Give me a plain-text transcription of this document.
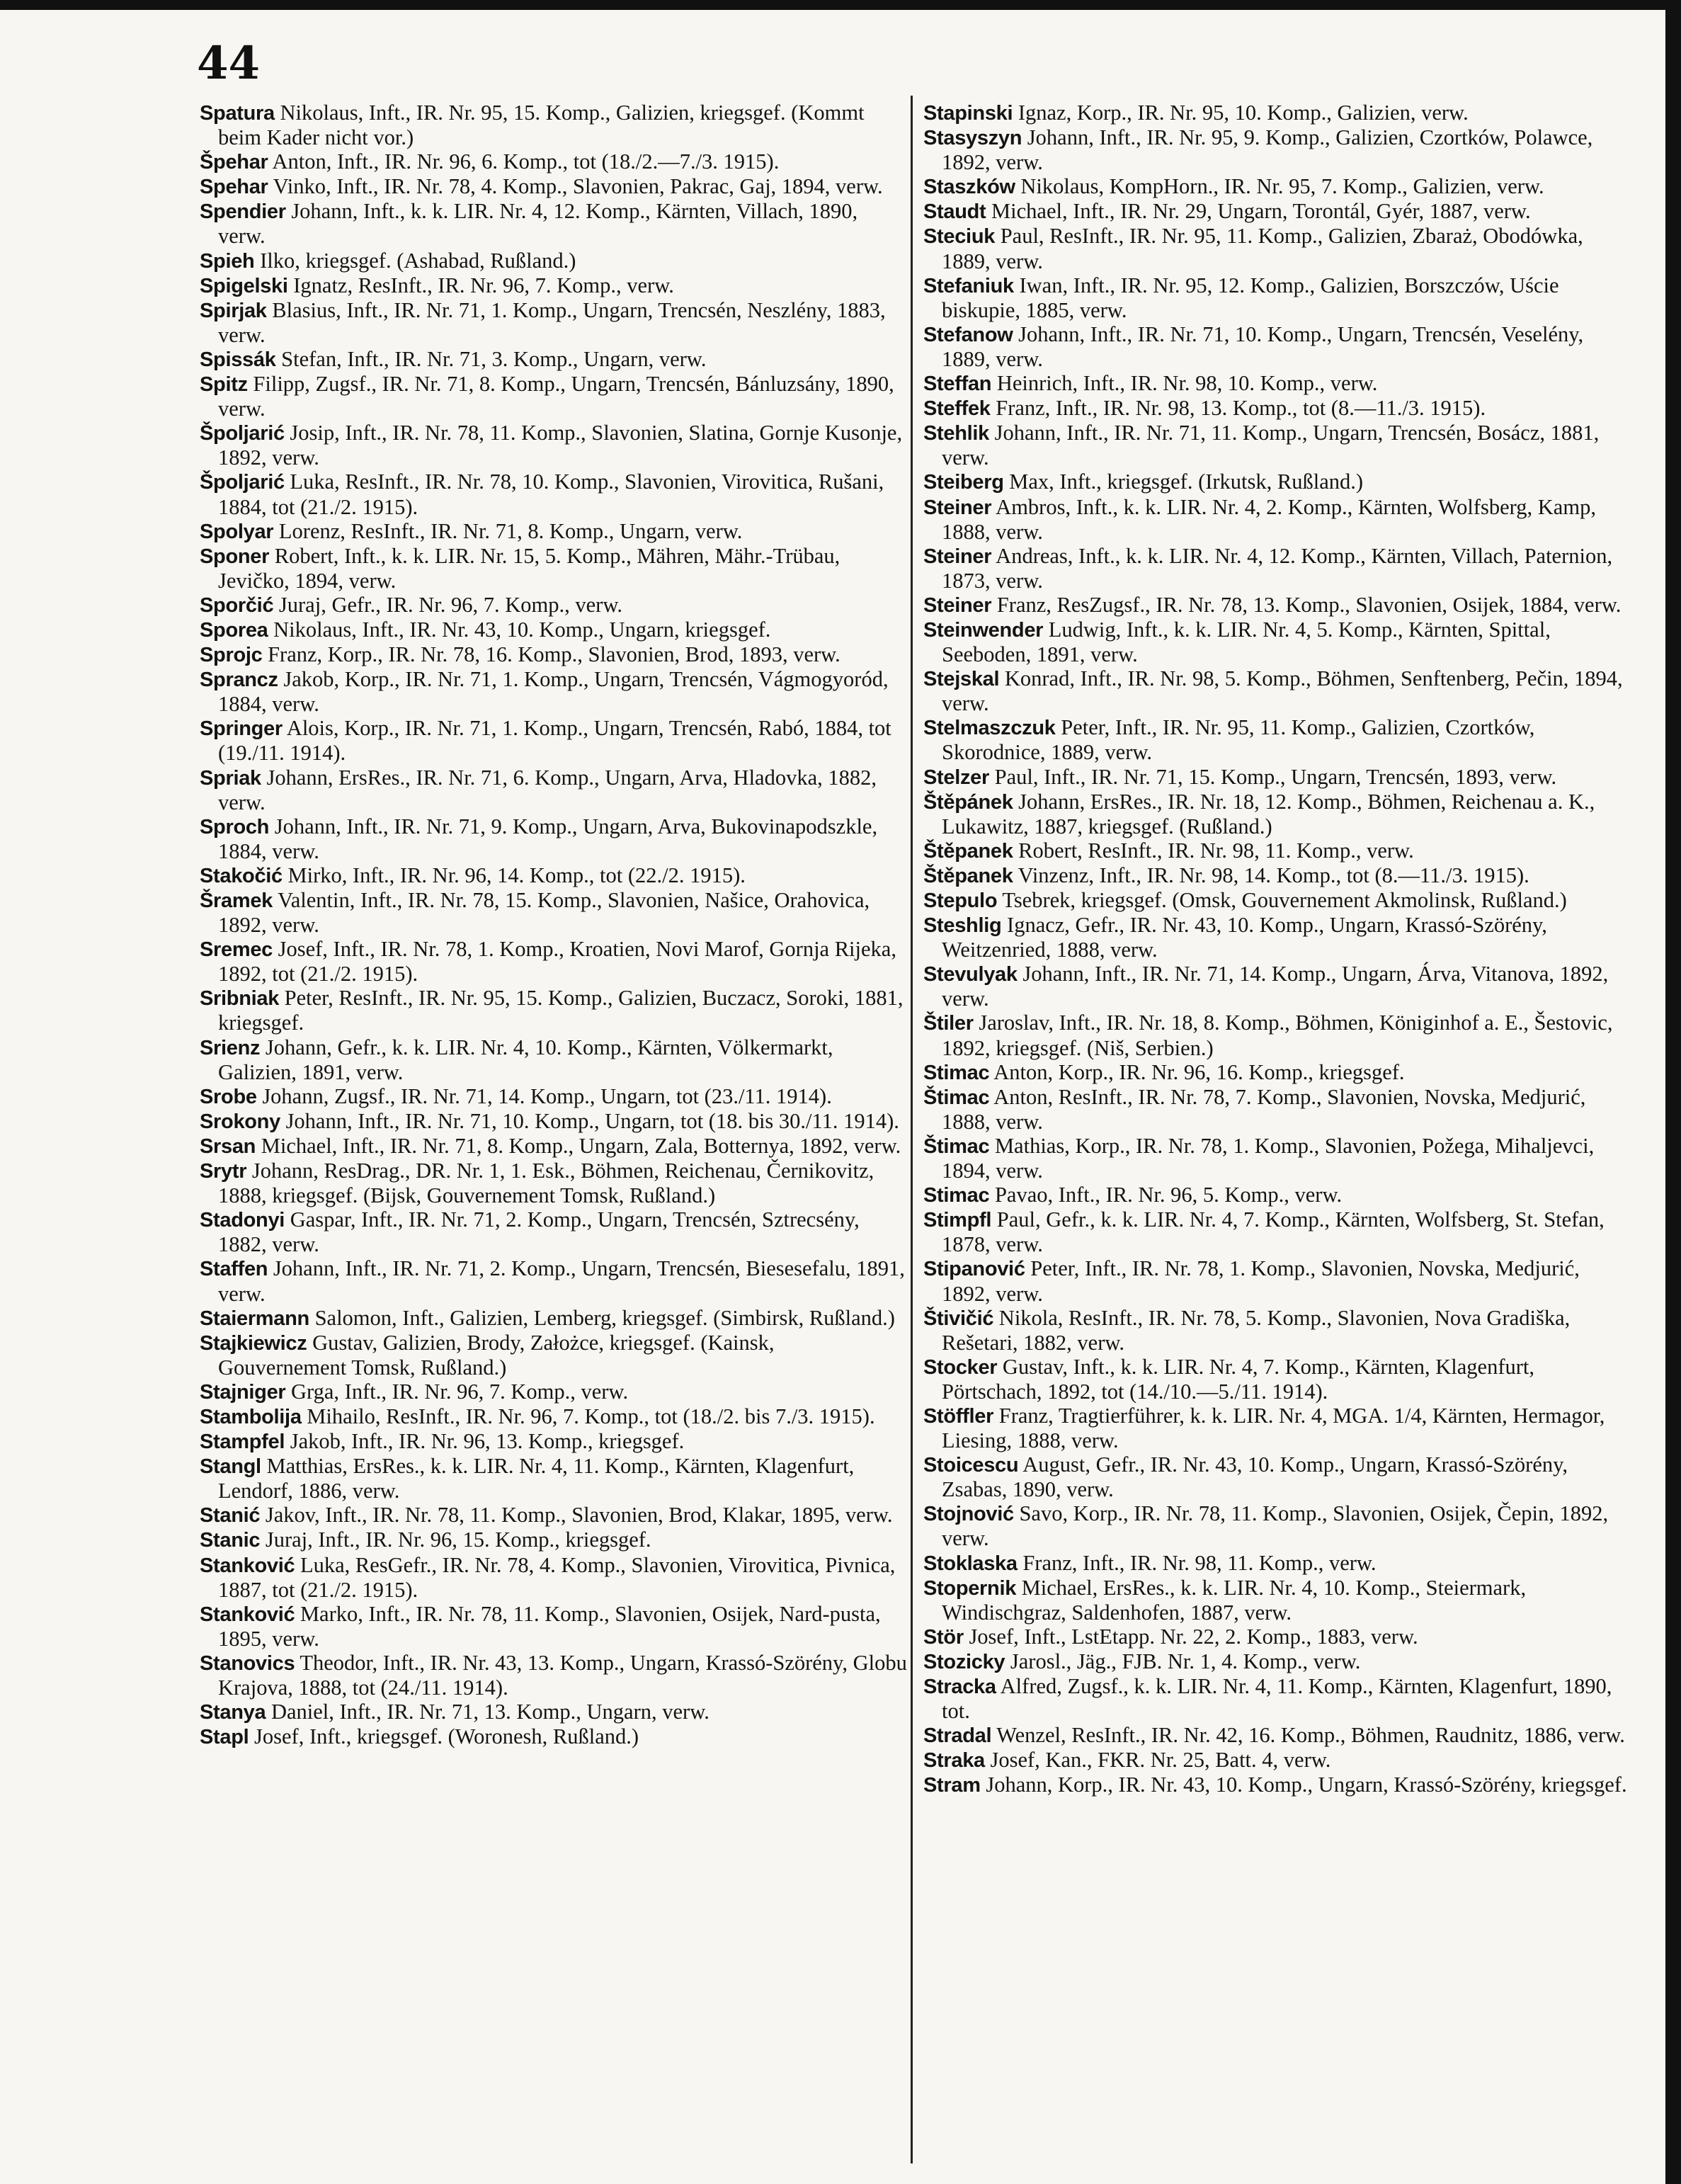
44

Spatura Nikolaus, Inft., IR. Nr. 95, 15. Komp., Galizien, kriegsgef. (Kommt beim Kader nicht vor.)

Špehar Anton, Inft., IR. Nr. 96, 6. Komp., tot (18./2.—7./3. 1915).

Spehar Vinko, Inft., IR. Nr. 78, 4. Komp., Slavonien, Pakrac, Gaj, 1894, verw.

Spendier Johann, Inft., k. k. LIR. Nr. 4, 12. Komp., Kärnten, Villach, 1890, verw.

Spieh Ilko, kriegsgef. (Ashabad, Rußland.)

Spigelski Ignatz, ResInft., IR. Nr. 96, 7. Komp., verw.

Spirjak Blasius, Inft., IR. Nr. 71, 1. Komp., Ungarn, Trencsén, Neszlény, 1883, verw.

Spissák Stefan, Inft., IR. Nr. 71, 3. Komp., Ungarn, verw.

Spitz Filipp, Zugsf., IR. Nr. 71, 8. Komp., Ungarn, Trencsén, Bánluzsány, 1890, verw.

Špoljarić Josip, Inft., IR. Nr. 78, 11. Komp., Slavonien, Slatina, Gornje Kusonje, 1892, verw.

Špoljarić Luka, ResInft., IR. Nr. 78, 10. Komp., Slavonien, Virovitica, Rušani, 1884, tot (21./2. 1915).

Spolyar Lorenz, ResInft., IR. Nr. 71, 8. Komp., Ungarn, verw.

Sponer Robert, Inft., k. k. LIR. Nr. 15, 5. Komp., Mähren, Mähr.-Trübau, Jevičko, 1894, verw.

Sporčić Juraj, Gefr., IR. Nr. 96, 7. Komp., verw.

Sporea Nikolaus, Inft., IR. Nr. 43, 10. Komp., Ungarn, kriegsgef.

Sprojc Franz, Korp., IR. Nr. 78, 16. Komp., Slavonien, Brod, 1893, verw.

Sprancz Jakob, Korp., IR. Nr. 71, 1. Komp., Ungarn, Trencsén, Vágmogyoród, 1884, verw.

Springer Alois, Korp., IR. Nr. 71, 1. Komp., Ungarn, Trencsén, Rabó, 1884, tot (19./11. 1914).

Spriak Johann, ErsRes., IR. Nr. 71, 6. Komp., Ungarn, Arva, Hladovka, 1882, verw.

Sproch Johann, Inft., IR. Nr. 71, 9. Komp., Ungarn, Arva, Bukovinapodszkle, 1884, verw.

Stakočić Mirko, Inft., IR. Nr. 96, 14. Komp., tot (22./2. 1915).

Šramek Valentin, Inft., IR. Nr. 78, 15. Komp., Slavonien, Našice, Orahovica, 1892, verw.

Sremec Josef, Inft., IR. Nr. 78, 1. Komp., Kroatien, Novi Marof, Gornja Rijeka, 1892, tot (21./2. 1915).

Sribniak Peter, ResInft., IR. Nr. 95, 15. Komp., Galizien, Buczacz, Soroki, 1881, kriegsgef.

Srienz Johann, Gefr., k. k. LIR. Nr. 4, 10. Komp., Kärnten, Völkermarkt, Galizien, 1891, verw.

Srobe Johann, Zugsf., IR. Nr. 71, 14. Komp., Ungarn, tot (23./11. 1914).

Srokony Johann, Inft., IR. Nr. 71, 10. Komp., Ungarn, tot (18. bis 30./11. 1914).

Srsan Michael, Inft., IR. Nr. 71, 8. Komp., Ungarn, Zala, Botternya, 1892, verw.

Srytr Johann, ResDrag., DR. Nr. 1, 1. Esk., Böhmen, Reichenau, Černikovitz, 1888, kriegsgef. (Bijsk, Gouvernement Tomsk, Rußland.)

Stadonyi Gaspar, Inft., IR. Nr. 71, 2. Komp., Ungarn, Trencsén, Sztrecsény, 1882, verw.

Staffen Johann, Inft., IR. Nr. 71, 2. Komp., Ungarn, Trencsén, Biesesefalu, 1891, verw.

Staiermann Salomon, Inft., Galizien, Lemberg, kriegsgef. (Simbirsk, Rußland.)

Stajkiewicz Gustav, Galizien, Brody, Założce, kriegsgef. (Kainsk, Gouvernement Tomsk, Rußland.)

Stajniger Grga, Inft., IR. Nr. 96, 7. Komp., verw.

Stambolija Mihailo, ResInft., IR. Nr. 96, 7. Komp., tot (18./2. bis 7./3. 1915).

Stampfel Jakob, Inft., IR. Nr. 96, 13. Komp., kriegsgef.

Stangl Matthias, ErsRes., k. k. LIR. Nr. 4, 11. Komp., Kärnten, Klagenfurt, Lendorf, 1886, verw.

Stanić Jakov, Inft., IR. Nr. 78, 11. Komp., Slavonien, Brod, Klakar, 1895, verw.

Stanic Juraj, Inft., IR. Nr. 96, 15. Komp., kriegsgef.

Stanković Luka, ResGefr., IR. Nr. 78, 4. Komp., Slavonien, Virovitica, Pivnica, 1887, tot (21./2. 1915).

Stanković Marko, Inft., IR. Nr. 78, 11. Komp., Slavonien, Osijek, Nard-pusta, 1895, verw.

Stanovics Theodor, Inft., IR. Nr. 43, 13. Komp., Ungarn, Krassó-Szörény, Globu Krajova, 1888, tot (24./11. 1914).

Stanya Daniel, Inft., IR. Nr. 71, 13. Komp., Ungarn, verw.

Stapl Josef, Inft., kriegsgef. (Woronesh, Rußland.)

Stapinski Ignaz, Korp., IR. Nr. 95, 10. Komp., Galizien, verw.

Stasyszyn Johann, Inft., IR. Nr. 95, 9. Komp., Galizien, Czortków, Polawce, 1892, verw.

Staszków Nikolaus, KompHorn., IR. Nr. 95, 7. Komp., Galizien, verw.

Staudt Michael, Inft., IR. Nr. 29, Ungarn, Torontál, Gyér, 1887, verw.

Steciuk Paul, ResInft., IR. Nr. 95, 11. Komp., Galizien, Zbaraż, Obodówka, 1889, verw.

Stefaniuk Iwan, Inft., IR. Nr. 95, 12. Komp., Galizien, Borszczów, Uście biskupie, 1885, verw.

Stefanow Johann, Inft., IR. Nr. 71, 10. Komp., Ungarn, Trencsén, Veselény, 1889, verw.

Steffan Heinrich, Inft., IR. Nr. 98, 10. Komp., verw.

Steffek Franz, Inft., IR. Nr. 98, 13. Komp., tot (8.—11./3. 1915).

Stehlik Johann, Inft., IR. Nr. 71, 11. Komp., Ungarn, Trencsén, Bosácz, 1881, verw.

Steiberg Max, Inft., kriegsgef. (Irkutsk, Rußland.)

Steiner Ambros, Inft., k. k. LIR. Nr. 4, 2. Komp., Kärnten, Wolfsberg, Kamp, 1888, verw.

Steiner Andreas, Inft., k. k. LIR. Nr. 4, 12. Komp., Kärnten, Villach, Paternion, 1873, verw.

Steiner Franz, ResZugsf., IR. Nr. 78, 13. Komp., Slavonien, Osijek, 1884, verw.

Steinwender Ludwig, Inft., k. k. LIR. Nr. 4, 5. Komp., Kärnten, Spittal, Seeboden, 1891, verw.

Stejskal Konrad, Inft., IR. Nr. 98, 5. Komp., Böhmen, Senftenberg, Pečin, 1894, verw.

Stelmaszczuk Peter, Inft., IR. Nr. 95, 11. Komp., Galizien, Czortków, Skorodnice, 1889, verw.

Stelzer Paul, Inft., IR. Nr. 71, 15. Komp., Ungarn, Trencsén, 1893, verw.

Štěpánek Johann, ErsRes., IR. Nr. 18, 12. Komp., Böhmen, Reichenau a. K., Lukawitz, 1887, kriegsgef. (Rußland.)

Štěpanek Robert, ResInft., IR. Nr. 98, 11. Komp., verw.

Štěpanek Vinzenz, Inft., IR. Nr. 98, 14. Komp., tot (8.—11./3. 1915).

Stepulo Tsebrek, kriegsgef. (Omsk, Gouvernement Akmolinsk, Rußland.)

Steshlig Ignacz, Gefr., IR. Nr. 43, 10. Komp., Ungarn, Krassó-Szörény, Weitzenried, 1888, verw.

Stevulyak Johann, Inft., IR. Nr. 71, 14. Komp., Ungarn, Árva, Vitanova, 1892, verw.

Štiler Jaroslav, Inft., IR. Nr. 18, 8. Komp., Böhmen, Königinhof a. E., Šestovic, 1892, kriegsgef. (Niš, Serbien.)

Stimac Anton, Korp., IR. Nr. 96, 16. Komp., kriegsgef.

Štimac Anton, ResInft., IR. Nr. 78, 7. Komp., Slavonien, Novska, Medjurić, 1888, verw.

Štimac Mathias, Korp., IR. Nr. 78, 1. Komp., Slavonien, Požega, Mihaljevci, 1894, verw.

Stimac Pavao, Inft., IR. Nr. 96, 5. Komp., verw.

Stimpfl Paul, Gefr., k. k. LIR. Nr. 4, 7. Komp., Kärnten, Wolfsberg, St. Stefan, 1878, verw.

Stipanović Peter, Inft., IR. Nr. 78, 1. Komp., Slavonien, Novska, Medjurić, 1892, verw.

Štivičić Nikola, ResInft., IR. Nr. 78, 5. Komp., Slavonien, Nova Gradiška, Rešetari, 1882, verw.

Stocker Gustav, Inft., k. k. LIR. Nr. 4, 7. Komp., Kärnten, Klagenfurt, Pörtschach, 1892, tot (14./10.—5./11. 1914).

Stöffler Franz, Tragtierführer, k. k. LIR. Nr. 4, MGA. 1/4, Kärnten, Hermagor, Liesing, 1888, verw.

Stoicescu August, Gefr., IR. Nr. 43, 10. Komp., Ungarn, Krassó-Szörény, Zsabas, 1890, verw.

Stojnović Savo, Korp., IR. Nr. 78, 11. Komp., Slavonien, Osijek, Čepin, 1892, verw.

Stoklaska Franz, Inft., IR. Nr. 98, 11. Komp., verw.

Stopernik Michael, ErsRes., k. k. LIR. Nr. 4, 10. Komp., Steiermark, Windischgraz, Saldenhofen, 1887, verw.

Stör Josef, Inft., LstEtapp. Nr. 22, 2. Komp., 1883, verw.

Stozicky Jarosl., Jäg., FJB. Nr. 1, 4. Komp., verw.

Stracka Alfred, Zugsf., k. k. LIR. Nr. 4, 11. Komp., Kärnten, Klagenfurt, 1890, tot.

Stradal Wenzel, ResInft., IR. Nr. 42, 16. Komp., Böhmen, Raudnitz, 1886, verw.

Straka Josef, Kan., FKR. Nr. 25, Batt. 4, verw.

Stram Johann, Korp., IR. Nr. 43, 10. Komp., Ungarn, Krassó-Szörény, kriegsgef.
